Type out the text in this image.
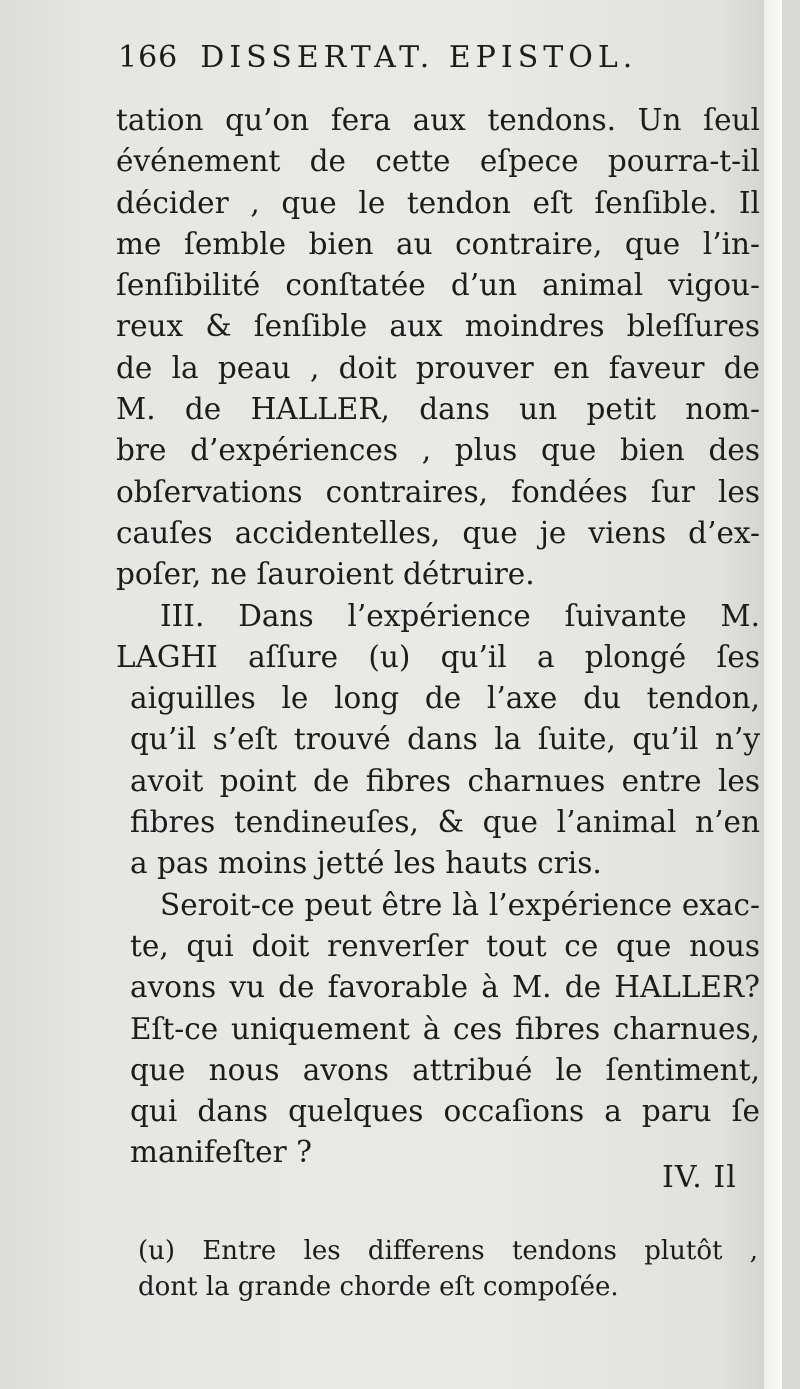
166 DISSERTAT. EPISTOL.
tation qu’on fera aux tendons. Un ſeul
événement de cette eſpece pourra-t-il
décider , que le tendon eſt ſenſible. Il
me ſemble bien au contraire, que l’in-
ſenſibilité conſtatée d’un animal vigou-
reux & ſenſible aux moindres bleſſures
de la peau , doit prouver en faveur de
M. de HALLER, dans un petit nom-
bre d’expériences , plus que bien des
obſervations contraires, fondées ſur les
cauſes accidentelles, que je viens d’ex-
poſer, ne ſauroient détruire.
III. Dans l’expérience ſuivante M.
LAGHI aſſure (u) qu’il a plongé ſes
aiguilles le long de l’axe du tendon,
qu’il s’eſt trouvé dans la ſuite, qu’il n’y
avoit point de fibres charnues entre les
fibres tendineuſes, & que l’animal n’en
a pas moins jetté les hauts cris.
Seroit-ce peut être là l’expérience exac-
te, qui doit renverſer tout ce que nous
avons vu de favorable à M. de HALLER?
Eſt-ce uniquement à ces fibres charnues,
que nous avons attribué le ſentiment,
qui dans quelques occaſions a paru ſe
manifeſter ?
IV. Il
(u) Entre les differens tendons plutôt ,
dont la grande chorde eſt compoſée.
